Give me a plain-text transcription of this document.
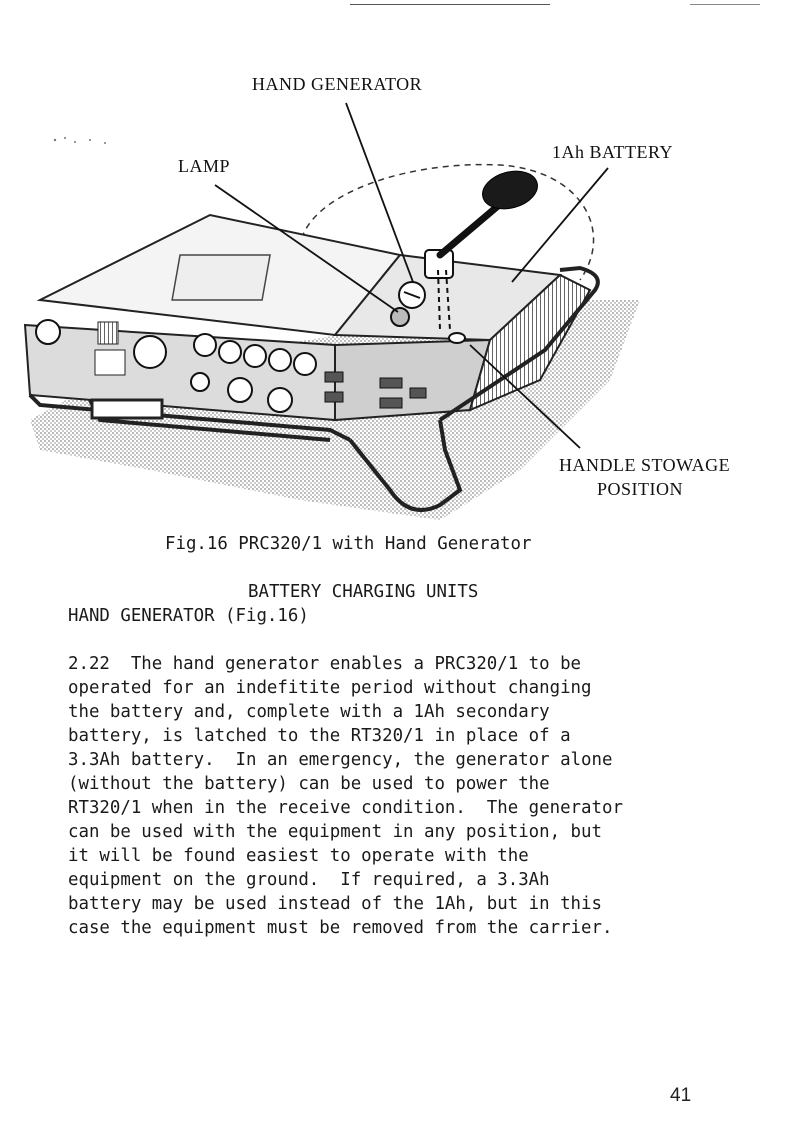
HAND GENERATOR
LAMP
1Ah BATTERY
HANDLE STOWAGE
POSITION
Fig.16 PRC320/1 with Hand Generator
BATTERY CHARGING UNITS
HAND GENERATOR (Fig.16)
2.22  The hand generator enables a PRC320/1 to be
operated for an indefitite period without changing
the battery and, complete with a 1Ah secondary
battery, is latched to the RT320/1 in place of a
3.3Ah battery.  In an emergency, the generator alone
(without the battery) can be used to power the
RT320/1 when in the receive condition.  The generator
can be used with the equipment in any position, but
it will be found easiest to operate with the
equipment on the ground.  If required, a 3.3Ah
battery may be used instead of the 1Ah, but in this
case the equipment must be removed from the carrier.
41
